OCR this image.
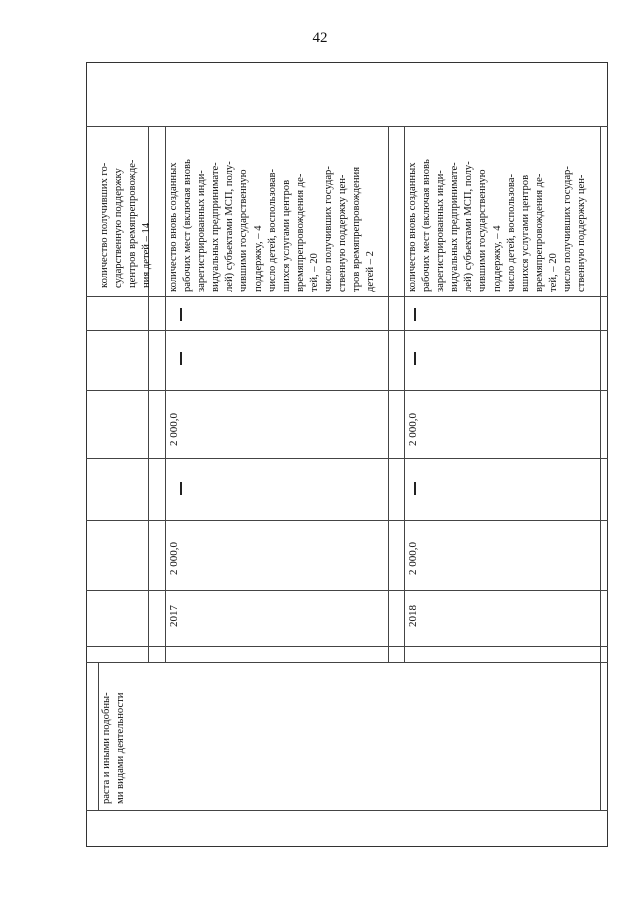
42
количество получивших го-
сударственную поддержку
центров времяпрепровожде-
ния детей – 14
количество вновь созданных
рабочих мест (включая вновь
зарегистрированных инди-
видуальных предпринимате-
лей) субъектами МСП, полу-
чившими государственную
поддержку, – 4
число детей, воспользовав-
шихся услугами центров
времяпрепровождения де-
тей, – 20
число получивших государ-
ственную поддержку цен-
тров времяпрепровождения
детей – 2	количество вновь созданных
рабочих мест (включая вновь
зарегистрированных инди-
видуальных предпринимате-
лей) субъектами МСП, полу-
чившими государственную
поддержку, – 4
число детей, воспользова-
вшихся услугами центров
времяпрепровождения де-
тей, – 20
число получивших государ-
ственную поддержку цен-
раста и иными подобны-
ми видами деятельности
2017
2 000,0
2 000,0
2018
2 000,0
2 000,0
